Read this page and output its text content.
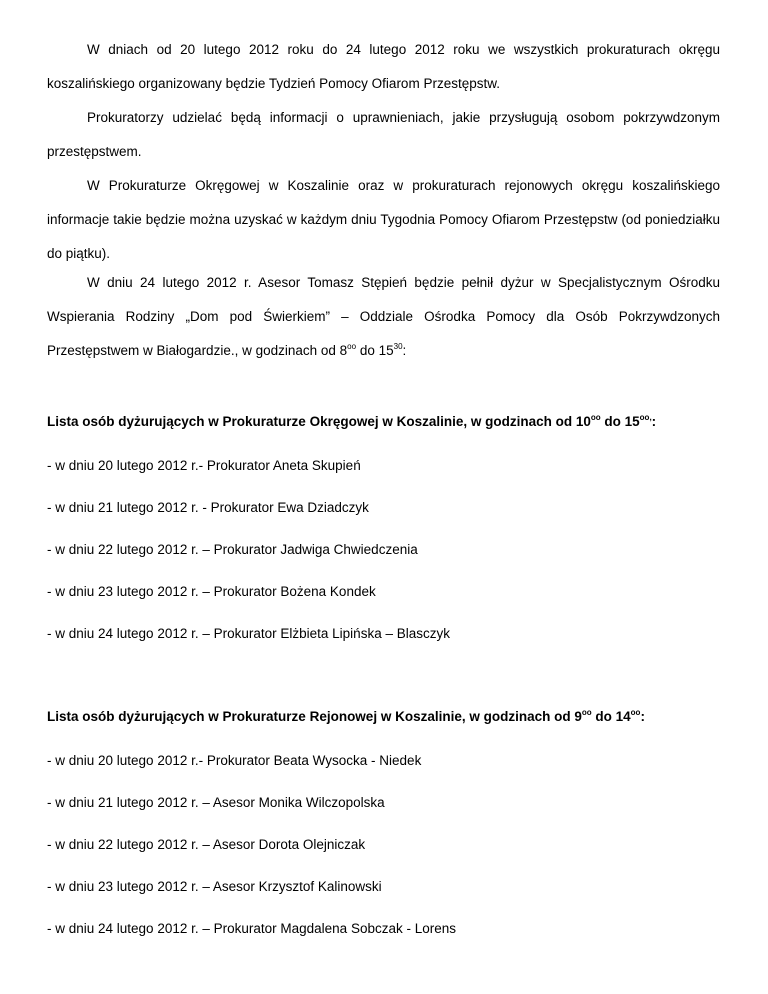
W dniach od 20 lutego 2012 roku do 24 lutego 2012 roku we wszystkich prokuraturach okręgu koszalińskiego organizowany będzie Tydzień Pomocy Ofiarom Przestępstw.

Prokuratorzy udzielać będą informacji o uprawnieniach, jakie przysługują osobom pokrzywdzonym przestępstwem.

W Prokuraturze Okręgowej w Koszalinie oraz w prokuraturach rejonowych okręgu koszalińskiego informacje takie będzie można uzyskać w każdym dniu Tygodnia Pomocy Ofiarom Przestępstw (od poniedziałku do piątku).

W dniu 24 lutego 2012 r. Asesor Tomasz Stępień będzie pełnił dyżur w Specjalistycznym Ośrodku Wspierania Rodziny „Dom pod Świerkiem” – Oddziale Ośrodka Pomocy dla Osób Pokrzywdzonych Przestępstwem w Białogardzie., w godzinach od $8^{oo}$ do $15^{30}$:

Lista osób dyżurujących w Prokuraturze Okręgowej w Koszalinie, w godzinach od $10^{oo}$ do $15^{oo,}$:

- w dniu 20 lutego 2012 r.- Prokurator Aneta Skupień

- w dniu 21 lutego 2012 r. - Prokurator Ewa Dziadczyk

- w dniu 22 lutego 2012 r. – Prokurator Jadwiga Chwiedczenia

- w dniu 23 lutego 2012 r. – Prokurator Bożena Kondek

- w dniu 24 lutego 2012 r. – Prokurator Elżbieta Lipińska – Blasczyk

Lista osób dyżurujących w Prokuraturze Rejonowej w Koszalinie, w godzinach od $9^{oo}$ do $14^{oo}$:

- w dniu 20 lutego 2012 r.- Prokurator Beata Wysocka - Niedek

- w dniu 21 lutego 2012 r. – Asesor Monika Wilczopolska

- w dniu 22 lutego 2012 r. – Asesor Dorota Olejniczak

- w dniu 23 lutego 2012 r. – Asesor Krzysztof Kalinowski

- w dniu 24 lutego 2012 r. – Prokurator Magdalena Sobczak - Lorens
